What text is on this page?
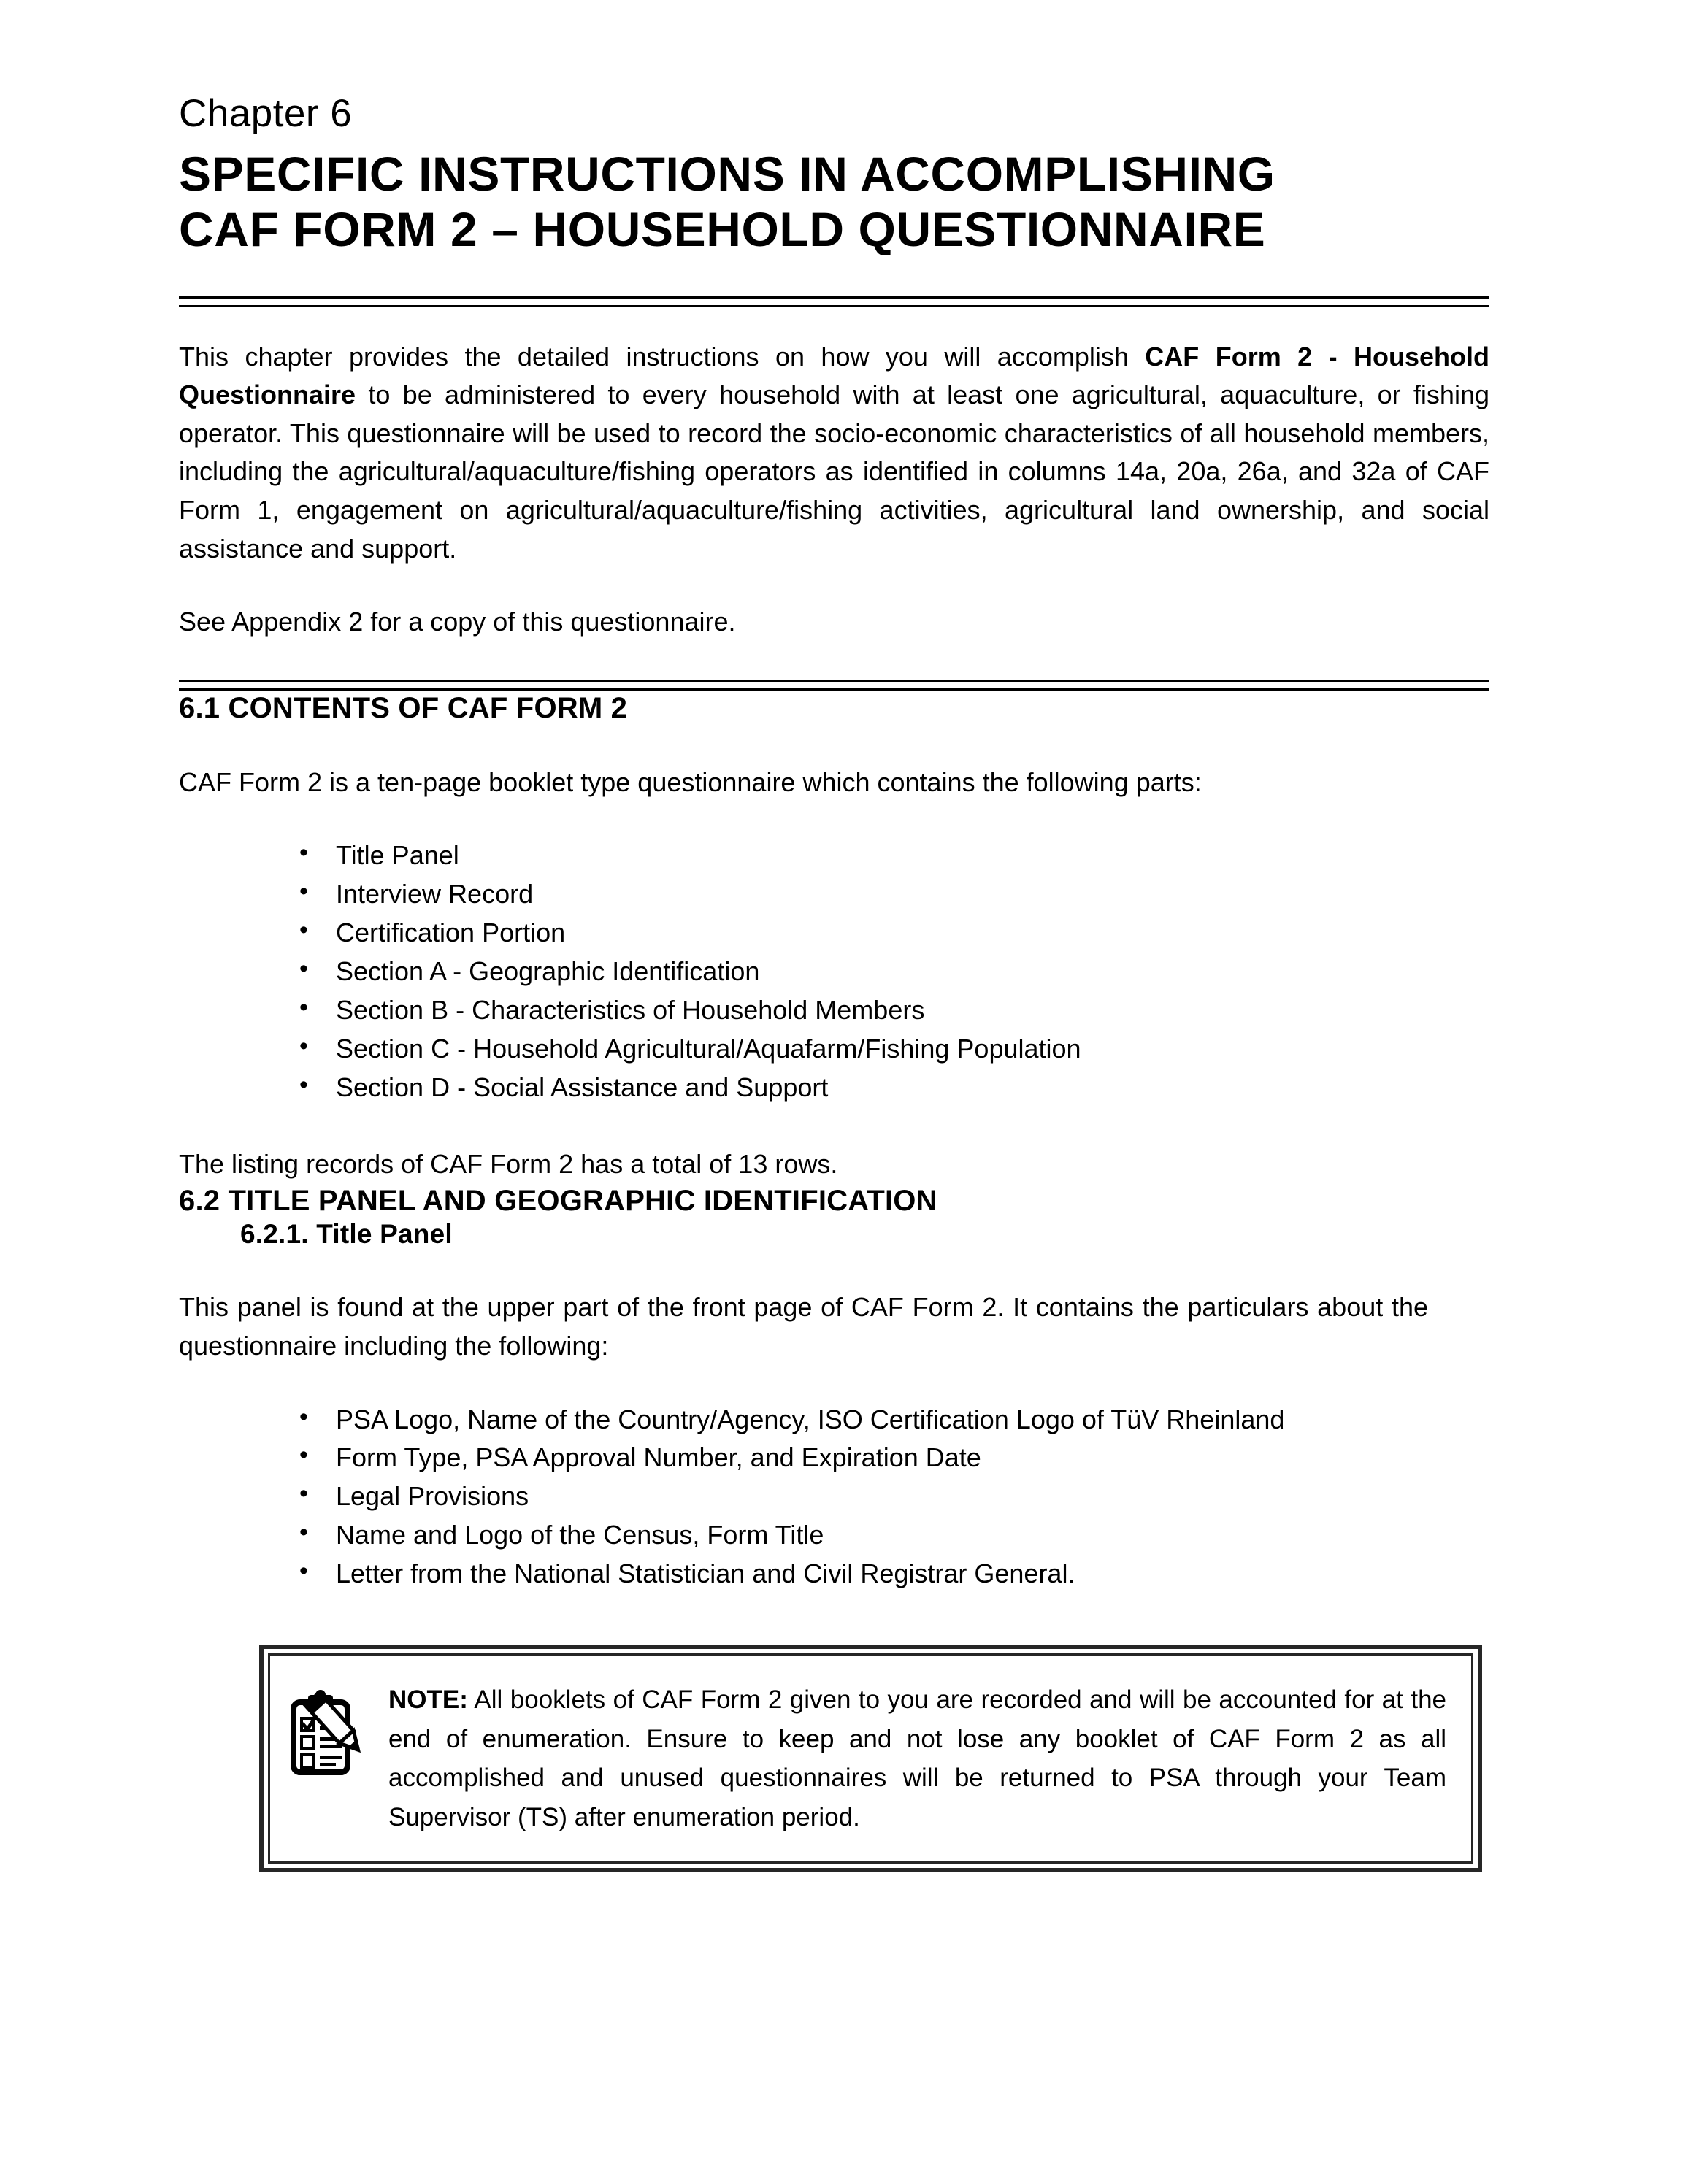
Chapter 6
SPECIFIC INSTRUCTIONS IN ACCOMPLISHING CAF FORM 2 – HOUSEHOLD QUESTIONNAIRE

This chapter provides the detailed instructions on how you will accomplish CAF Form 2 - Household Questionnaire to be administered to every household with at least one agricultural, aquaculture, or fishing operator. This questionnaire will be used to record the socio-economic characteristics of all household members, including the agricultural/aquaculture/fishing operators as identified in columns 14a, 20a, 26a, and 32a of CAF Form 1, engagement on agricultural/aquaculture/fishing activities, agricultural land ownership, and social assistance and support.

See Appendix 2 for a copy of this questionnaire.

6.1 CONTENTS OF CAF FORM 2

CAF Form 2 is a ten-page booklet type questionnaire which contains the following parts:

• Title Panel
• Interview Record
• Certification Portion
• Section A - Geographic Identification
• Section B - Characteristics of Household Members
• Section C - Household Agricultural/Aquafarm/Fishing Population
• Section D - Social Assistance and Support

The listing records of CAF Form 2 has a total of 13 rows.

6.2 TITLE PANEL AND GEOGRAPHIC IDENTIFICATION
6.2.1. Title Panel

This panel is found at the upper part of the front page of CAF Form 2. It contains the particulars about the questionnaire including the following:

• PSA Logo, Name of the Country/Agency, ISO Certification Logo of TüV Rheinland
• Form Type, PSA Approval Number, and Expiration Date
• Legal Provisions
• Name and Logo of the Census, Form Title
• Letter from the National Statistician and Civil Registrar General.

NOTE: All booklets of CAF Form 2 given to you are recorded and will be accounted for at the end of enumeration. Ensure to keep and not lose any booklet of CAF Form 2 as all accomplished and unused questionnaires will be returned to PSA through your Team Supervisor (TS) after enumeration period.
